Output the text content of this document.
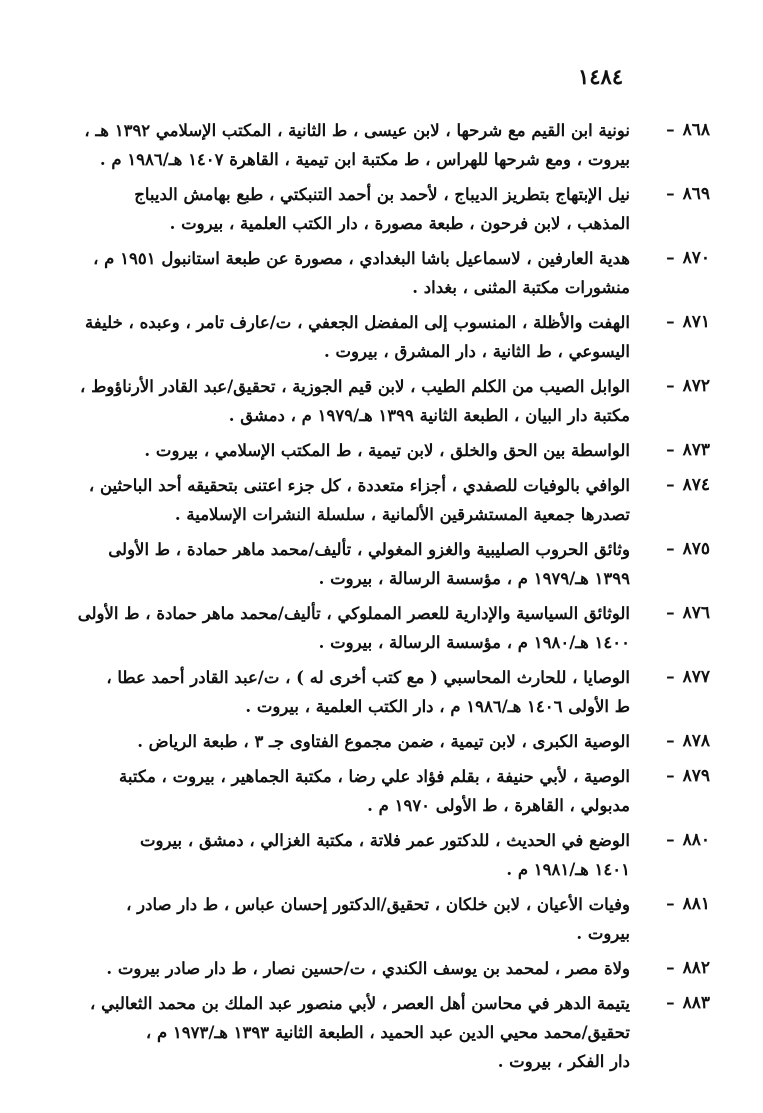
١٤٨٤
٨٦٨–
نونية ابن القيم مع شرحها ، لابن عيسى ، ط الثانية ، المكتب الإسلامي ١٣٩٢ هـ ،
بيروت ، ومع شرحها للهراس ، ط مكتبة ابن تيمية ، القاهرة ١٤٠٧ هـ/١٩٨٦ م .
٨٦٩–
نيل الإبتهاج بتطريز الديباج ، لأحمد بن أحمد التنبكتي ، طبع بهامش الديباج
المذهب ، لابن فرحون ، طبعة مصورة ، دار الكتب العلمية ، بيروت .
٨٧٠–
هدية العارفين ، لاسماعيل باشا البغدادي ، مصورة عن طبعة استانبول ١٩٥١ م ،
منشورات مكتبة المثنى ، بغداد .
٨٧١–
الهفت والأظلة ، المنسوب إلى المفضل الجعفي ، ت/عارف تامر ، وعبده ، خليفة
اليسوعي ، ط الثانية ، دار المشرق ، بيروت .
٨٧٢–
الوابل الصيب من الكلم الطيب ، لابن قيم الجوزية ، تحقيق/عبد القادر الأرناؤوط ،
مكتبة دار البيان ، الطبعة الثانية ١٣٩٩ هـ/١٩٧٩ م ، دمشق .
٨٧٣–
الواسطة بين الحق والخلق ، لابن تيمية ، ط المكتب الإسلامي ، بيروت .
٨٧٤–
الوافي بالوفيات للصفدي ، أجزاء متعددة ، كل جزء اعتنى بتحقيقه أحد الباحثين ،
تصدرها جمعية المستشرقين الألمانية ، سلسلة النشرات الإسلامية .
٨٧٥–
وثائق الحروب الصليبية والغزو المغولي ، تأليف/محمد ماهر حمادة ، ط الأولى
١٣٩٩ هـ/١٩٧٩ م ، مؤسسة الرسالة ، بيروت .
٨٧٦–
الوثائق السياسية والإدارية للعصر المملوكي ، تأليف/محمد ماهر حمادة ، ط الأولى
١٤٠٠ هـ/١٩٨٠ م ، مؤسسة الرسالة ، بيروت .
٨٧٧–
الوصايا ، للحارث المحاسبي ( مع كتب أخرى له ) ، ت/عبد القادر أحمد عطا ،
ط الأولى ١٤٠٦ هـ/١٩٨٦ م ، دار الكتب العلمية ، بيروت .
٨٧٨–
الوصية الكبرى ، لابن تيمية ، ضمن مجموع الفتاوى جـ ٣ ، طبعة الرياض .
٨٧٩–
الوصية ، لأبي حنيفة ، بقلم فؤاد علي رضا ، مكتبة الجماهير ، بيروت ، مكتبة
مدبولي ، القاهرة ، ط الأولى ١٩٧٠ م .
٨٨٠–
الوضع في الحديث ، للدكتور عمر فلاتة ، مكتبة الغزالي ، دمشق ، بيروت
١٤٠١ هـ/١٩٨١ م .
٨٨١–
وفيات الأعيان ، لابن خلكان ، تحقيق/الدكتور إحسان عباس ، ط دار صادر ،
بيروت .
٨٨٢–
ولاة مصر ، لمحمد بن يوسف الكندي ، ت/حسين نصار ، ط دار صادر بيروت .
٨٨٣–
يتيمة الدهر في محاسن أهل العصر ، لأبي منصور عبد الملك بن محمد الثعالبي ،
تحقيق/محمد محيي الدين عبد الحميد ، الطبعة الثانية ١٣٩٣ هـ/١٩٧٣ م ،
دار الفكر ، بيروت .
